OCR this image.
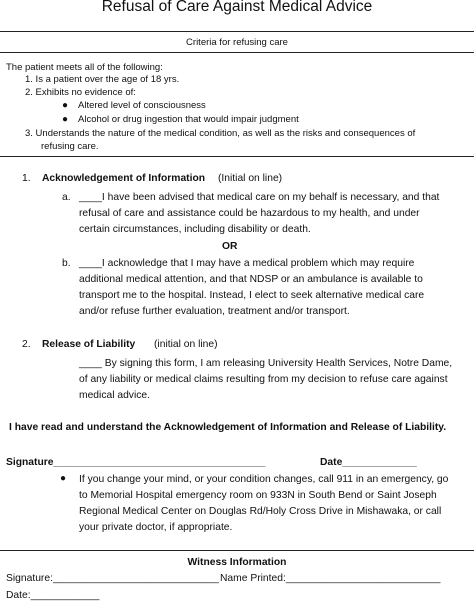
Refusal of Care Against Medical Advice
Criteria for refusing care
The patient meets all of the following:
1. Is a patient over the age of 18 yrs.
2. Exhibits no evidence of:
● Altered level of consciousness
● Alcohol or drug ingestion that would impair judgment
3. Understands the nature of the medical condition, as well as the risks and consequences of
refusing care.
1. Acknowledgement of Information (Initial on line)
a. ____I have been advised that medical care on my behalf is necessary, and that
refusal of care and assistance could be hazardous to my health, and under
certain circumstances, including disability or death.
OR
b. ____I acknowledge that I may have a medical problem which may require
additional medical attention, and that NDSP or an ambulance is available to
transport me to the hospital. Instead, I elect to seek alternative medical care
and/or refuse further evaluation, treatment and/or transport.
2. Release of Liability (initial on line)
____ By signing this form, I am releasing University Health Services, Notre Dame,
of any liability or medical claims resulting from my decision to refuse care against
medical advice.
I have read and understand the Acknowledgement of Information and Release of Liability.
Signature_____________________________________	Date_____________
● If you change your mind, or your condition changes, call 911 in an emergency, go
to Memorial Hospital emergency room on 933N in South Bend or Saint Joseph
Regional Medical Center on Douglas Rd/Holy Cross Drive in Mishawaka, or call
your private doctor, if appropriate.
Witness Information
Signature:_____________________________ Name Printed:___________________________
Date:____________
